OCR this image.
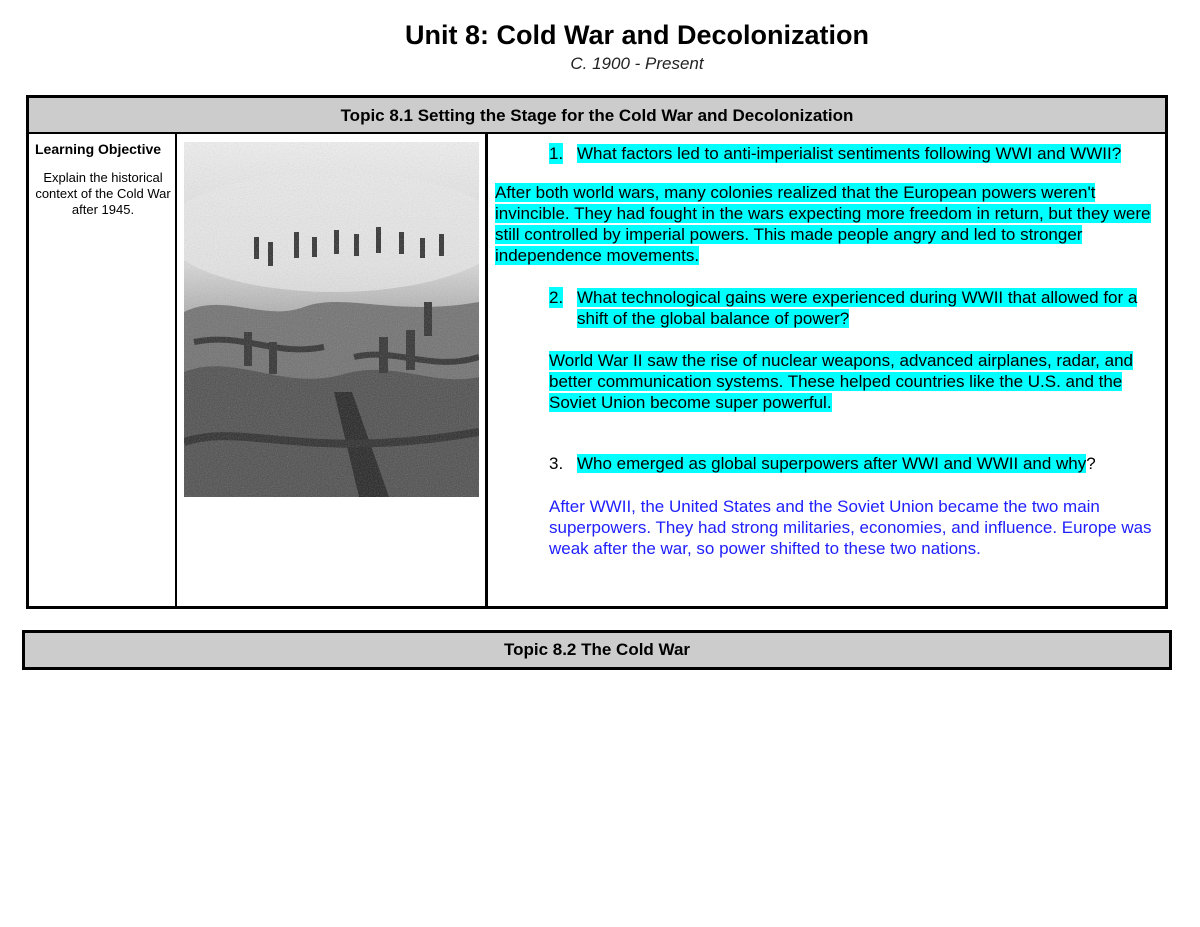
Unit 8: Cold War and Decolonization
C. 1900 - Present
Topic 8.1 Setting the Stage for the Cold War and Decolonization
Learning Objective
Explain the historical context of the Cold War after 1945.
1. What factors led to anti-imperialist sentiments following WWI and WWII?
After both world wars, many colonies realized that the European powers weren't invincible. They had fought in the wars expecting more freedom in return, but they were still controlled by imperial powers. This made people angry and led to stronger independence movements.
2. What technological gains were experienced during WWII that allowed for a shift of the global balance of power?
World War II saw the rise of nuclear weapons, advanced airplanes, radar, and better communication systems. These helped countries like the U.S. and the Soviet Union become super powerful.
3. Who emerged as global superpowers after WWI and WWII and why?
After WWII, the United States and the Soviet Union became the two main superpowers. They had strong militaries, economies, and influence. Europe was weak after the war, so power shifted to these two nations.
Topic 8.2 The Cold War
